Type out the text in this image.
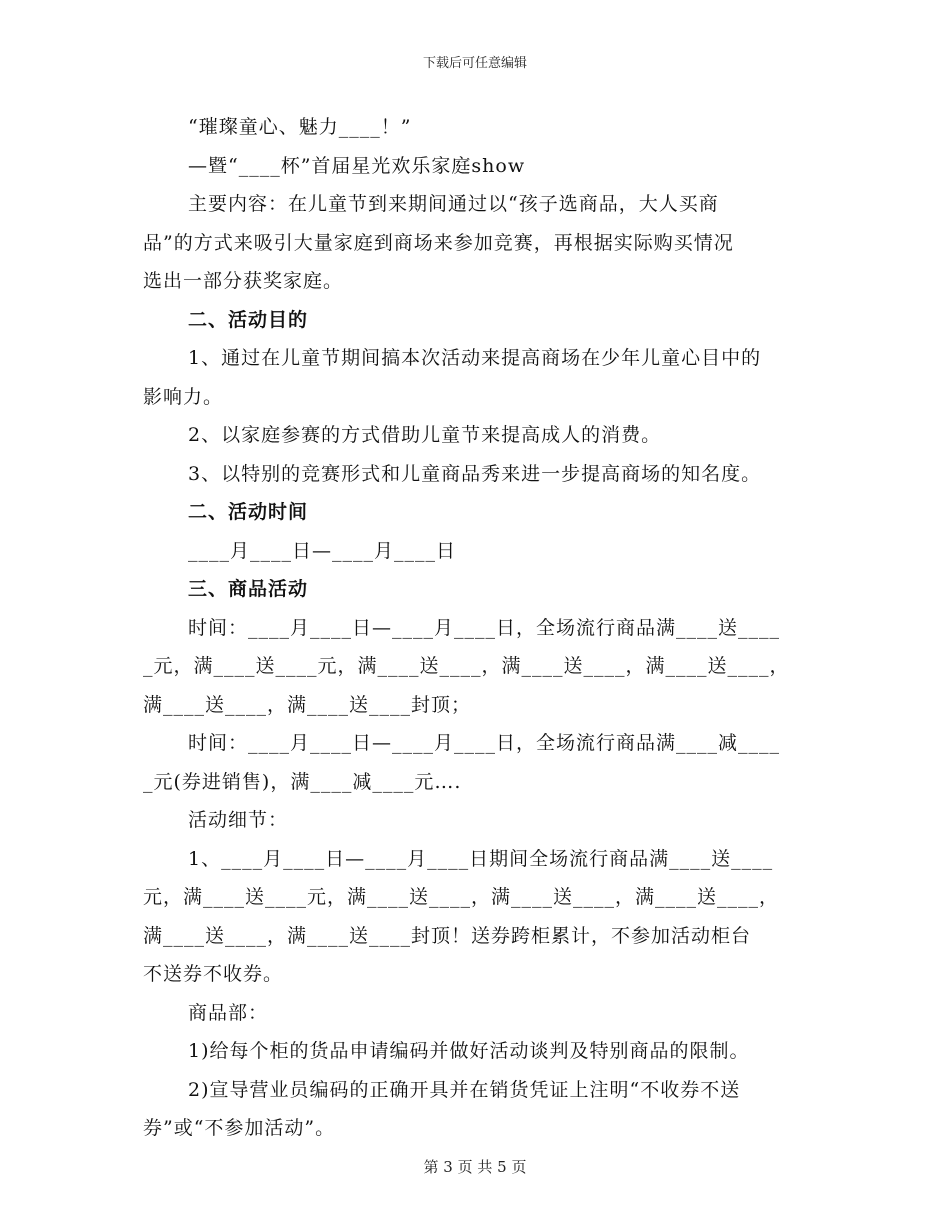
下载后可任意编辑

“璀璨童心、魅力____！”

—暨“____杯”首届星光欢乐家庭show

主要内容：在儿童节到来期间通过以“孩子选商品，大人买商

品”的方式来吸引大量家庭到商场来参加竞赛，再根据实际购买情况

选出一部分获奖家庭。

二、活动目的

1、通过在儿童节期间搞本次活动来提高商场在少年儿童心目中的

影响力。

2、以家庭参赛的方式借助儿童节来提高成人的消费。

3、以特别的竞赛形式和儿童商品秀来进一步提高商场的知名度。

二、活动时间

____月____日—____月____日

三、商品活动

时间：____月____日—____月____日，全场流行商品满____送____

_元，满____送____元，满____送____，满____送____，满____送____，

满____送____，满____送____封顶；

时间：____月____日—____月____日，全场流行商品满____减____

_元(券进销售)，满____减____元….

活动细节：

1、____月____日—____月____日期间全场流行商品满____送____

元，满____送____元，满____送____，满____送____，满____送____，

满____送____，满____送____封顶！送券跨柜累计，不参加活动柜台

不送券不收券。

商品部：

1)给每个柜的货品申请编码并做好活动谈判及特别商品的限制。

2)宣导营业员编码的正确开具并在销货凭证上注明“不收券不送

券”或“不参加活动”。

第 3 页 共 5 页
